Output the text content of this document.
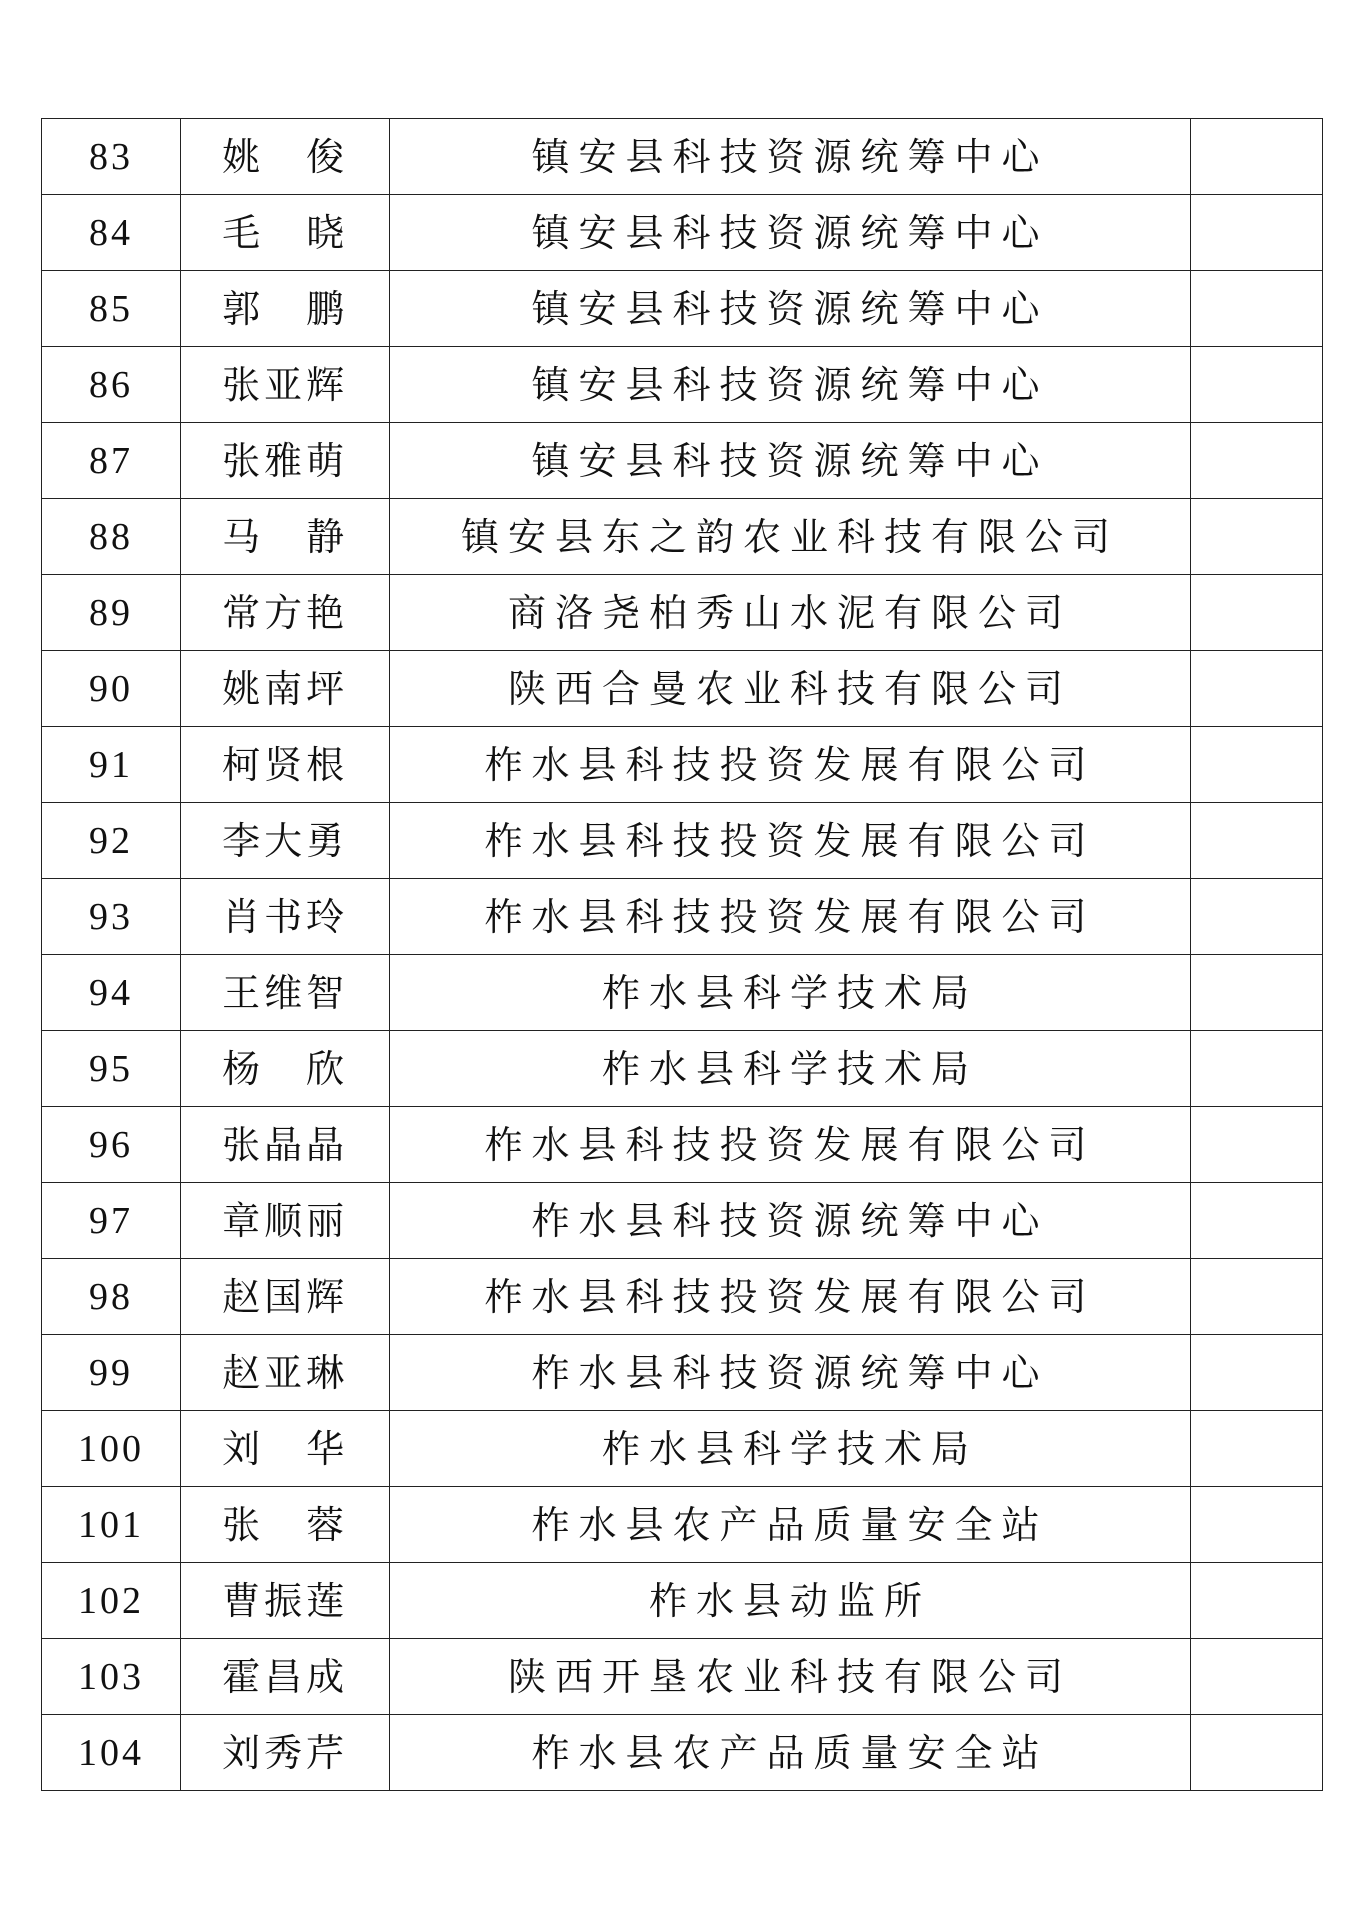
83	姚　俊	镇安县科技资源统筹中心	
84	毛　晓	镇安县科技资源统筹中心	
85	郭　鹏	镇安县科技资源统筹中心	
86	张亚辉	镇安县科技资源统筹中心	
87	张雅萌	镇安县科技资源统筹中心	
88	马　静	镇安县东之韵农业科技有限公司	
89	常方艳	商洛尧柏秀山水泥有限公司	
90	姚南坪	陕西合曼农业科技有限公司	
91	柯贤根	柞水县科技投资发展有限公司	
92	李大勇	柞水县科技投资发展有限公司	
93	肖书玲	柞水县科技投资发展有限公司	
94	王维智	柞水县科学技术局	
95	杨　欣	柞水县科学技术局	
96	张晶晶	柞水县科技投资发展有限公司	
97	章顺丽	柞水县科技资源统筹中心	
98	赵国辉	柞水县科技投资发展有限公司	
99	赵亚琳	柞水县科技资源统筹中心	
100	刘　华	柞水县科学技术局	
101	张　蓉	柞水县农产品质量安全站	
102	曹振莲	柞水县动监所	
103	霍昌成	陕西开垦农业科技有限公司	
104	刘秀芹	柞水县农产品质量安全站	
